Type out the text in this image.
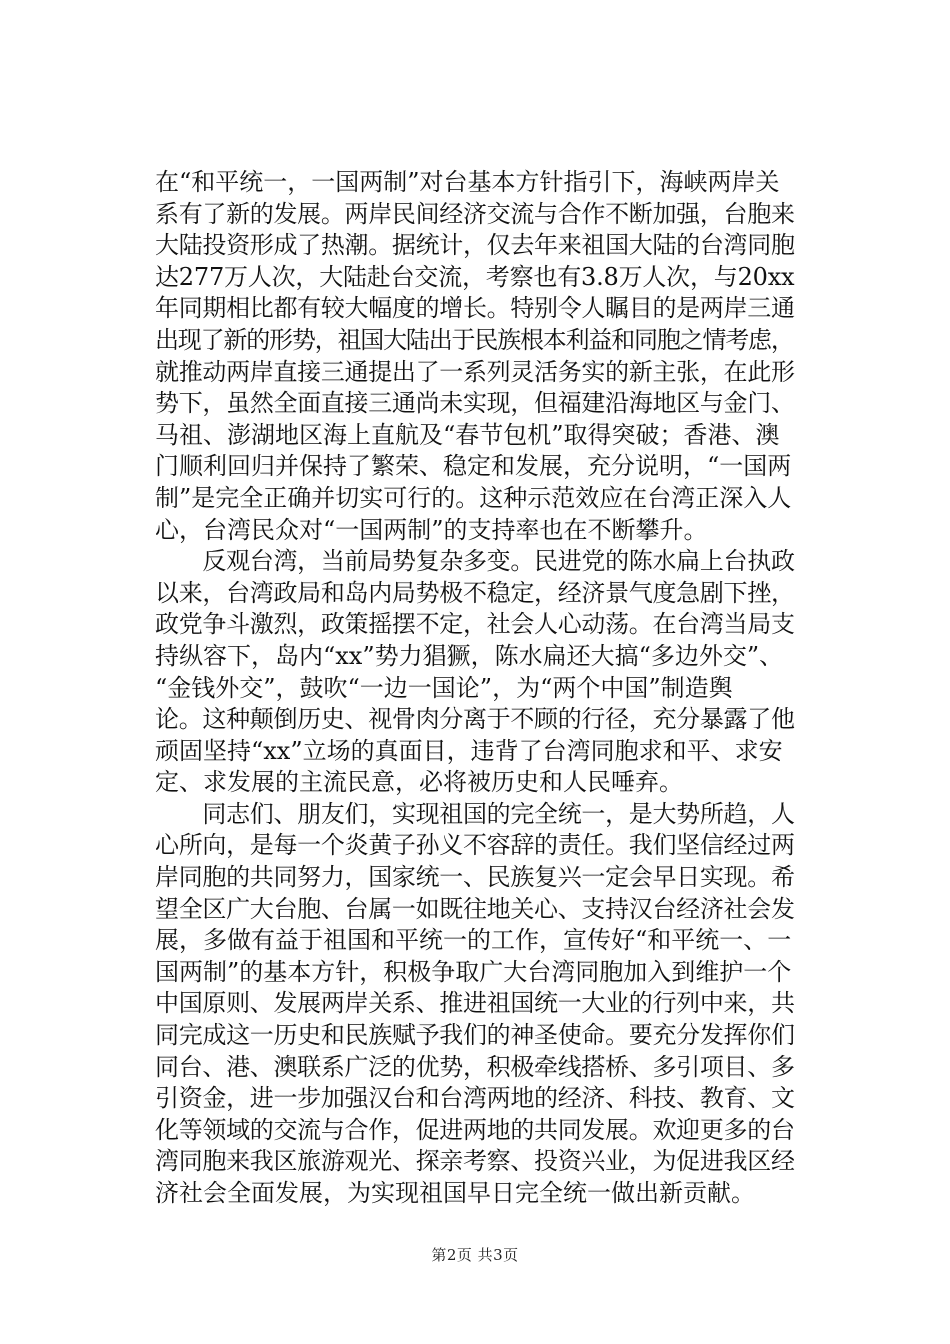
在“和平统一，一国两制”对台基本方针指引下，海峡两岸关
系有了新的发展。两岸民间经济交流与合作不断加强，台胞来
大陆投资形成了热潮。据统计，仅去年来祖国大陆的台湾同胞
达277万人次，大陆赴台交流，考察也有3.8万人次，与20xx
年同期相比都有较大幅度的增长。特别令人瞩目的是两岸三通
出现了新的形势，祖国大陆出于民族根本利益和同胞之情考虑，
就推动两岸直接三通提出了一系列灵活务实的新主张，在此形
势下，虽然全面直接三通尚未实现，但福建沿海地区与金门、
马祖、澎湖地区海上直航及“春节包机”取得突破；香港、澳
门顺利回归并保持了繁荣、稳定和发展，充分说明，“一国两
制”是完全正确并切实可行的。这种示范效应在台湾正深入人
心，台湾民众对“一国两制”的支持率也在不断攀升。
　　反观台湾，当前局势复杂多变。民进党的陈水扁上台执政
以来，台湾政局和岛内局势极不稳定，经济景气度急剧下挫，
政党争斗激烈，政策摇摆不定，社会人心动荡。在台湾当局支
持纵容下，岛内“xx”势力猖獗，陈水扁还大搞“多边外交”、
“金钱外交”，鼓吹“一边一国论”，为“两个中国”制造舆
论。这种颠倒历史、视骨肉分离于不顾的行径，充分暴露了他
顽固坚持“xx”立场的真面目，违背了台湾同胞求和平、求安
定、求发展的主流民意，必将被历史和人民唾弃。
　　同志们、朋友们，实现祖国的完全统一，是大势所趋，人
心所向，是每一个炎黄子孙义不容辞的责任。我们坚信经过两
岸同胞的共同努力，国家统一、民族复兴一定会早日实现。希
望全区广大台胞、台属一如既往地关心、支持汉台经济社会发
展，多做有益于祖国和平统一的工作，宣传好“和平统一、一
国两制”的基本方针，积极争取广大台湾同胞加入到维护一个
中国原则、发展两岸关系、推进祖国统一大业的行列中来，共
同完成这一历史和民族赋予我们的神圣使命。要充分发挥你们
同台、港、澳联系广泛的优势，积极牵线搭桥、多引项目、多
引资金，进一步加强汉台和台湾两地的经济、科技、教育、文
化等领域的交流与合作，促进两地的共同发展。欢迎更多的台
湾同胞来我区旅游观光、探亲考察、投资兴业，为促进我区经
济社会全面发展，为实现祖国早日完全统一做出新贡献。
第2页 共3页
